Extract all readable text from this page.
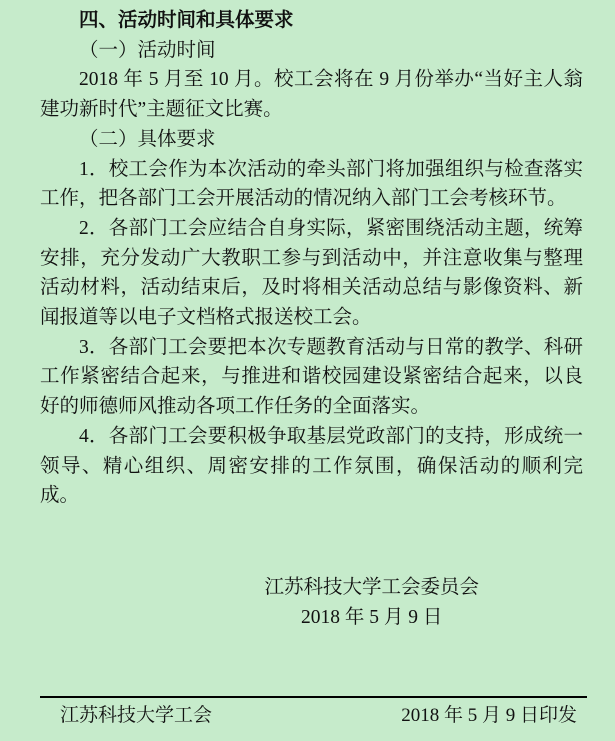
四、活动时间和具体要求

（一）活动时间

2018 年 5 月至 10 月。校工会将在 9 月份举办“当好主人翁 建功新时代”主题征文比赛。

（二）具体要求

1．校工会作为本次活动的牵头部门将加强组织与检查落实工作，把各部门工会开展活动的情况纳入部门工会考核环节。

2．各部门工会应结合自身实际，紧密围绕活动主题，统筹安排，充分发动广大教职工参与到活动中，并注意收集与整理活动材料，活动结束后，及时将相关活动总结与影像资料、新闻报道等以电子文档格式报送校工会。

3．各部门工会要把本次专题教育活动与日常的教学、科研工作紧密结合起来，与推进和谐校园建设紧密结合起来，以良好的师德师风推动各项工作任务的全面落实。

4．各部门工会要积极争取基层党政部门的支持，形成统一领导、精心组织、周密安排的工作氛围，确保活动的顺利完成。

江苏科技大学工会委员会
2018 年 5 月 9 日
江苏科技大学工会	2018 年 5 月 9 日印发
